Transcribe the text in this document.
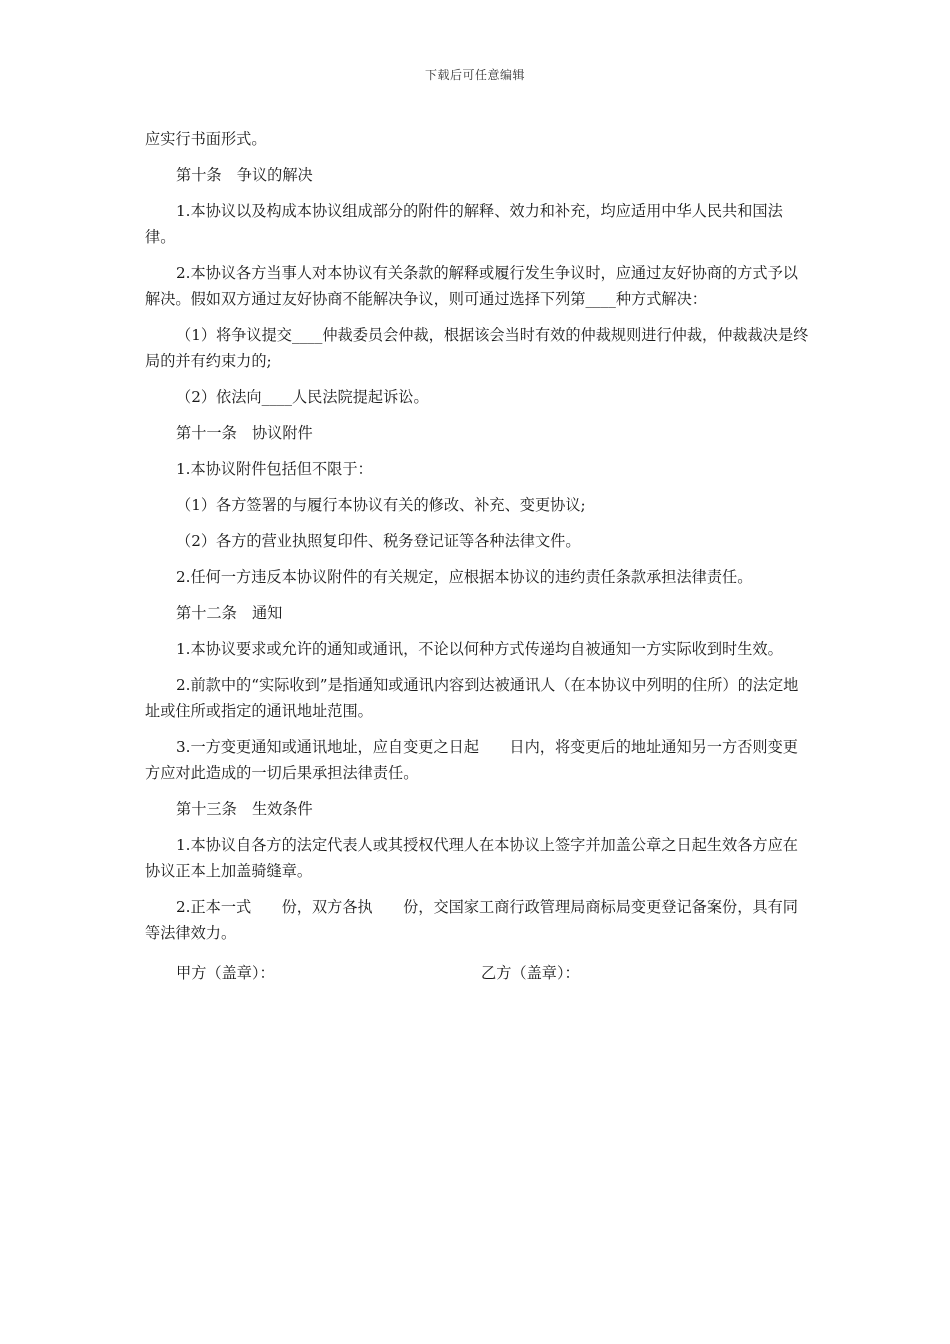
下载后可任意编辑
应实行书面形式。
第十条　争议的解决
1.本协议以及构成本协议组成部分的附件的解释、效力和补充，均应适用中华人民共和国法律。
2.本协议各方当事人对本协议有关条款的解释或履行发生争议时，应通过友好协商的方式予以解决。假如双方通过友好协商不能解决争议，则可通过选择下列第____种方式解决：
（1）将争议提交____仲裁委员会仲裁，根据该会当时有效的仲裁规则进行仲裁，仲裁裁决是终局的并有约束力的;
（2）依法向____人民法院提起诉讼。
第十一条　协议附件
1.本协议附件包括但不限于：
（1）各方签署的与履行本协议有关的修改、补充、变更协议;
（2）各方的营业执照复印件、税务登记证等各种法律文件。
2.任何一方违反本协议附件的有关规定，应根据本协议的违约责任条款承担法律责任。
第十二条　通知
1.本协议要求或允许的通知或通讯，不论以何种方式传递均自被通知一方实际收到时生效。
2.前款中的“实际收到”是指通知或通讯内容到达被通讯人（在本协议中列明的住所）的法定地址或住所或指定的通讯地址范围。
3.一方变更通知或通讯地址，应自变更之日起　　日内，将变更后的地址通知另一方否则变更方应对此造成的一切后果承担法律责任。
第十三条　生效条件
1.本协议自各方的法定代表人或其授权代理人在本协议上签字并加盖公章之日起生效各方应在协议正本上加盖骑缝章。
2.正本一式　　份，双方各执　　份，交国家工商行政管理局商标局变更登记备案份，具有同等法律效力。
甲方（盖章）：	乙方（盖章）：
